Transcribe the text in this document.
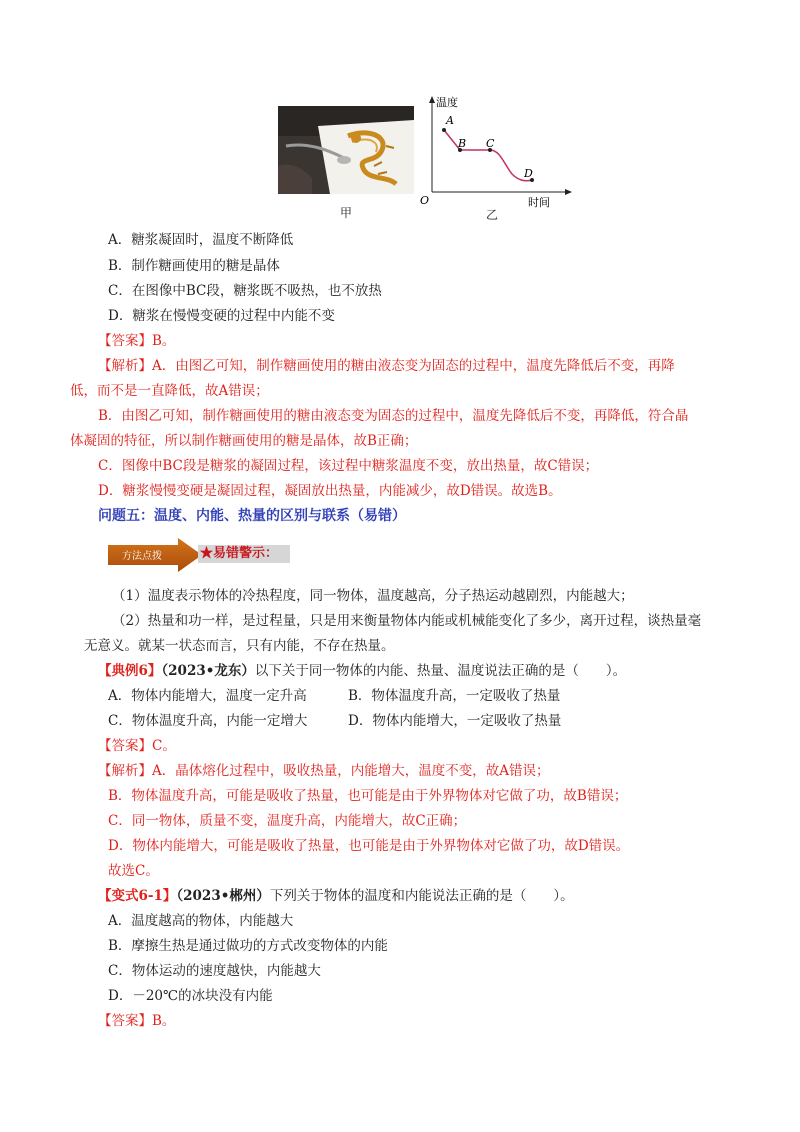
甲
温度
时间
O
A
B C
D
乙
A．糖浆凝固时，温度不断降低
B．制作糖画使用的糖是晶体
C．在图像中BC段，糖浆既不吸热，也不放热
D．糖浆在慢慢变硬的过程中内能不变
【答案】B。
【解析】A．由图乙可知，制作糖画使用的糖由液态变为固态的过程中，温度先降低后不变，再降
低，而不是一直降低，故A错误；
B．由图乙可知，制作糖画使用的糖由液态变为固态的过程中，温度先降低后不变，再降低，符合晶
体凝固的特征，所以制作糖画使用的糖是晶体，故B正确；
C．图像中BC段是糖浆的凝固过程，该过程中糖浆温度不变，放出热量，故C错误；
D．糖浆慢慢变硬是凝固过程，凝固放出热量，内能减少，故D错误。故选B。
问题五：温度、内能、热量的区别与联系（易错）
方法点拨	★易错警示：
（1）温度表示物体的冷热程度，同一物体，温度越高，分子热运动越剧烈，内能越大；
（2）热量和功一样，是过程量，只是用来衡量物体内能或机械能变化了多少，离开过程，谈热量毫
无意义。就某一状态而言，只有内能，不存在热量。
【典例6】（2023•龙东）以下关于同一物体的内能、热量、温度说法正确的是（　　）。
A．物体内能增大，温度一定升高	B．物体温度升高，一定吸收了热量
C．物体温度升高，内能一定增大	D．物体内能增大，一定吸收了热量
【答案】C。
【解析】A．晶体熔化过程中，吸收热量，内能增大，温度不变，故A错误；
B．物体温度升高，可能是吸收了热量，也可能是由于外界物体对它做了功，故B错误；
C．同一物体，质量不变，温度升高，内能增大，故C正确；
D．物体内能增大，可能是吸收了热量，也可能是由于外界物体对它做了功，故D错误。
故选C。
【变式6-1】（2023•郴州）下列关于物体的温度和内能说法正确的是（　　）。
A．温度越高的物体，内能越大
B．摩擦生热是通过做功的方式改变物体的内能
C．物体运动的速度越快，内能越大
D．－20℃的冰块没有内能
【答案】B。
